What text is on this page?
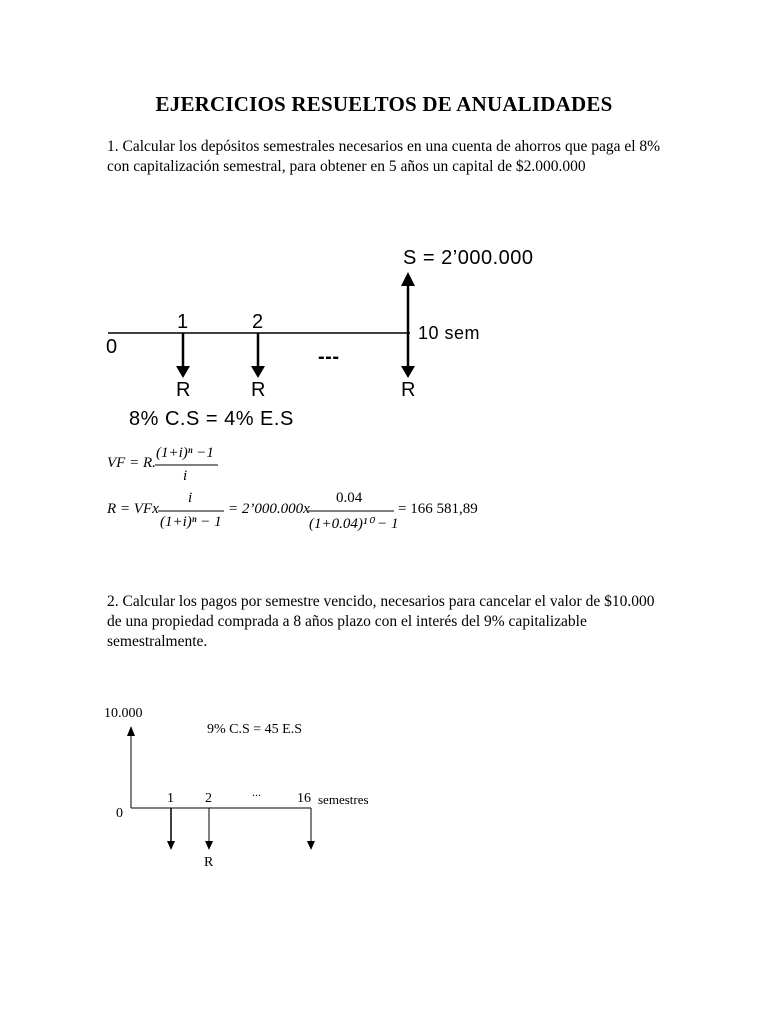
EJERCICIOS RESUELTOS DE ANUALIDADES
1. Calcular los depósitos semestrales necesarios en una cuenta de ahorros que paga el 8% con capitalización semestral, para obtener en 5 años un capital de $2.000.000
S = 2’000.000
1	2
0
10 sem
---
R	R	R
8% C.S = 4% E.S
VF = R.
(1+i)ⁿ −1
i
R = VFx
i
(1+i)ⁿ − 1
= 2’000.000x
0.04
(1+0.04)¹⁰ − 1
= 166 581,89
2. Calcular los pagos por semestre vencido, necesarios para cancelar el valor de $10.000 de una propiedad comprada a 8 años plazo con el interés del 9% capitalizable semestralmente.
10.000
9% C.S = 45 E.S
0
1 2	...	16 semestres
R
